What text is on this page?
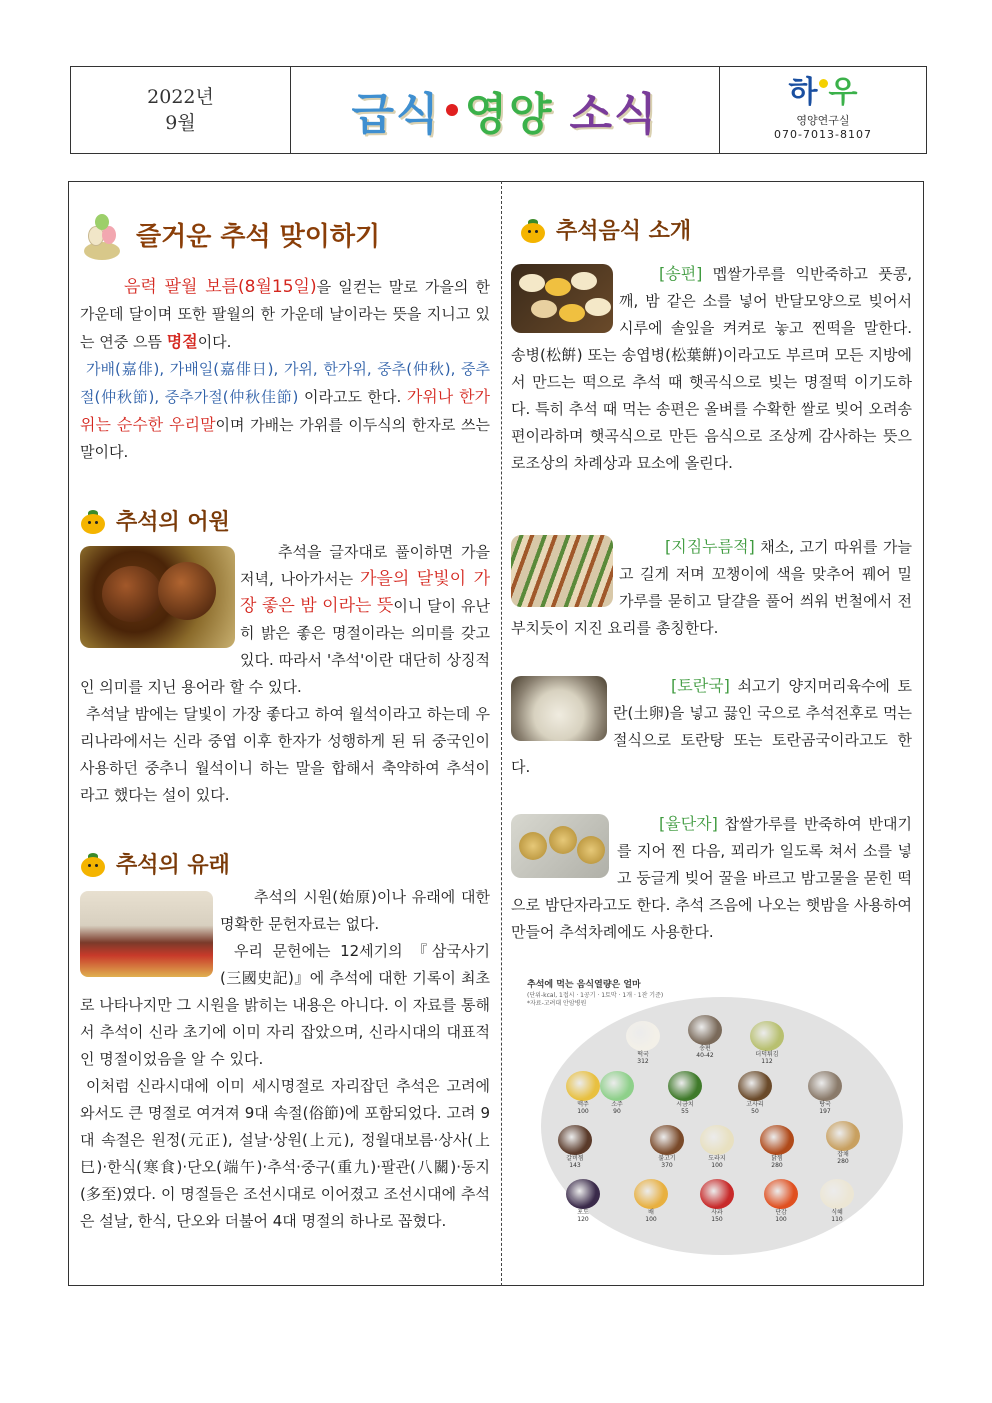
2022년
9월	급식 영양 소식	하 우
영양연구실
070-7013-8107
즐거운 추석 맞이하기

음력 팔월 보름(8월15일)을 일컫는 말로 가을의 한 가운데 달이며 또한 팔월의 한 가운데 날이라는 뜻을 지니고 있는 연중 으뜸 명절이다.

가배(嘉俳), 가배일(嘉俳日), 가위, 한가위, 중추(仲秋), 중추절(仲秋節), 중추가절(仲秋佳節) 이라고도 한다. 가위나 한가위는 순수한 우리말이며 가배는 가위를 이두식의 한자로 쓰는 말이다.

추석의 어원

추석을 글자대로 풀이하면 가을 저녁, 나아가서는 가을의 달빛이 가장 좋은 밤 이라는 뜻이니 달이 유난히 밝은 좋은 명절이라는 의미를 갖고 있다. 따라서 '추석'이란 대단히 상징적인 의미를 지닌 용어라 할 수 있다.

추석날 밤에는 달빛이 가장 좋다고 하여 월석이라고 하는데 우리나라에서는 신라 중엽 이후 한자가 성행하게 된 뒤 중국인이 사용하던 중추니 월석이니 하는 말을 합해서 축약하여 추석이라고 했다는 설이 있다.

추석의 유래

추석의 시원(始原)이나 유래에 대한 명확한 문헌자료는 없다.

우리 문헌에는 12세기의 『삼국사기(三國史記)』에 추석에 대한 기록이 최초로 나타나지만 그 시원을 밝히는 내용은 아니다. 이 자료를 통해서 추석이 신라 초기에 이미 자리 잡았으며, 신라시대의 대표적인 명절이었음을 알 수 있다.

이처럼 신라시대에 이미 세시명절로 자리잡던 추석은 고려에 와서도 큰 명절로 여겨져 9대 속절(俗節)에 포함되었다. 고려 9대 속절은 원정(元正), 설날·상원(上元), 정월대보름·상사(上巳)·한식(寒食)·단오(端午)·추석·중구(重九)·팔관(八關)·동지(多至)였다. 이 명절들은 조선시대로 이어졌고 조선시대에 추석은 설날, 한식, 단오와 더불어 4대 명절의 하나로 꼽혔다.

추석음식 소개

[송편] 멥쌀가루를 익반죽하고 풋콩, 깨, 밤 같은 소를 넣어 반달모양으로 빚어서 시루에 솔잎을 켜켜로 놓고 찐떡을 말한다. 송병(松餠) 또는 송엽병(松葉餠)이라고도 부르며 모든 지방에서 만드는 떡으로 추석 때 햇곡식으로 빚는 명절떡 이기도하다. 특히 추석 때 먹는 송편은 올벼를 수확한 쌀로 빚어 오려송편이라하며 햇곡식으로 만든 음식으로 조상께 감사하는 뜻으로조상의 차례상과 묘소에 올린다.

[지짐누름적] 채소, 고기 따위를 가늘고 길게 저며 꼬챙이에 색을 맞추어 꿰어 밀가루를 묻히고 달걀을 풀어 씌워 번철에서 전부치듯이 지진 요리를 총칭한다.

[토란국] 쇠고기 양지머리육수에 토란(土卵)을 넣고 끓인 국으로 추석전후로 먹는 절식으로 토란탕 또는 토란곰국이라고도 한다.

[율단자] 찹쌀가루를 반죽하여 반대기를 지어 찐 다음, 꾀리가 일도록 쳐서 소를 넣고 둥글게 빚어 꿀을 바르고 밤고물을 묻힌 떡으로 밤단자라고도 한다. 추석 즈음에 나오는 햇밤을 사용하여 만들어 추석차례에도 사용한다.

추석에 먹는 음식열량은 얼마
(단위-kcal, 1접시 · 1공기 · 1토막 · 1개 · 1잔 기준)
*자료-고려대 안암병원
떡국
312
송편
40-42	더덕튀김
112
맥주
100
소주
90
시금치
55
고사리
50
탕국
197
갈비찜
143
불고기
370
도라지
100
닭찜
280
잡채
280
포도
120
배
100
사과
150
단감
100
식혜
110
